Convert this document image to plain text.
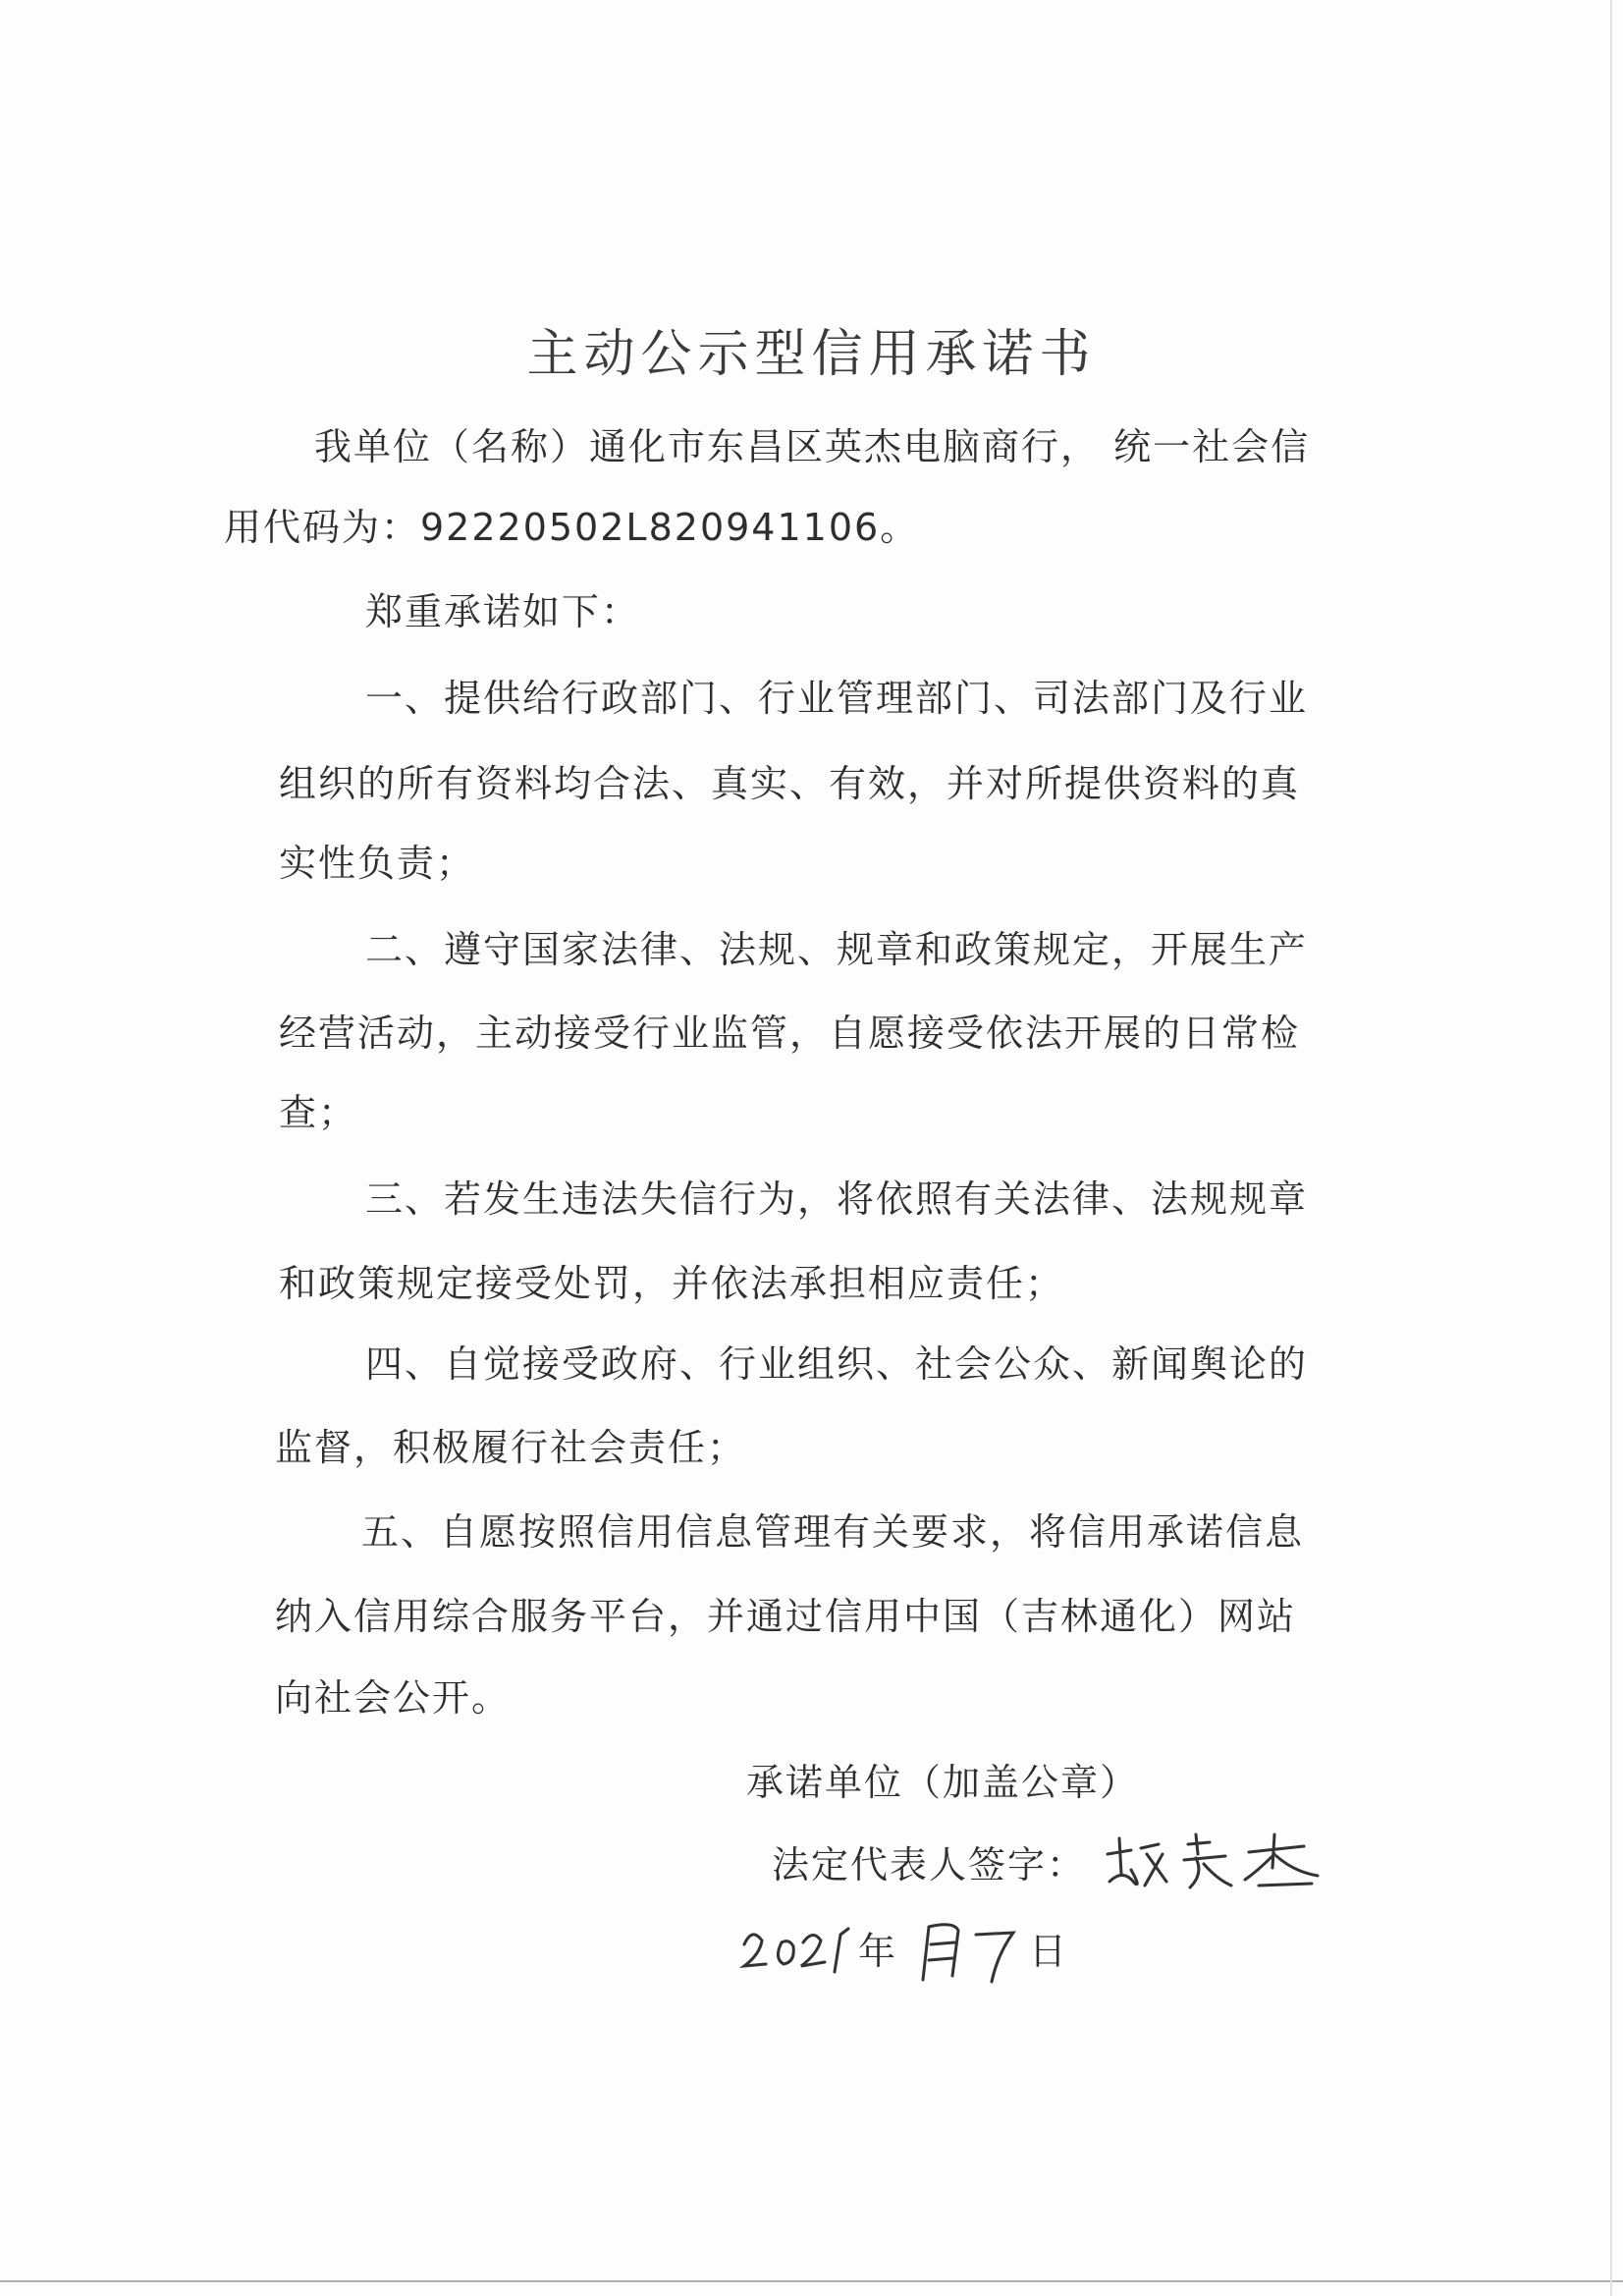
主动公示型信用承诺书
我单位（名称）通化市东昌区英杰电脑商行， 统一社会信
用代码为：92220502L820941106。
郑重承诺如下：
一、提供给行政部门、行业管理部门、司法部门及行业
组织的所有资料均合法、真实、有效，并对所提供资料的真
实性负责；
二、遵守国家法律、法规、规章和政策规定，开展生产
经营活动，主动接受行业监管，自愿接受依法开展的日常检
查；
三、若发生违法失信行为，将依照有关法律、法规规章
和政策规定接受处罚，并依法承担相应责任；
四、自觉接受政府、行业组织、社会公众、新闻舆论的
监督，积极履行社会责任；
五、自愿按照信用信息管理有关要求，将信用承诺信息
纳入信用综合服务平台，并通过信用中国（吉林通化）网站
向社会公开。
承诺单位（加盖公章）
法定代表人签字：
年	日
